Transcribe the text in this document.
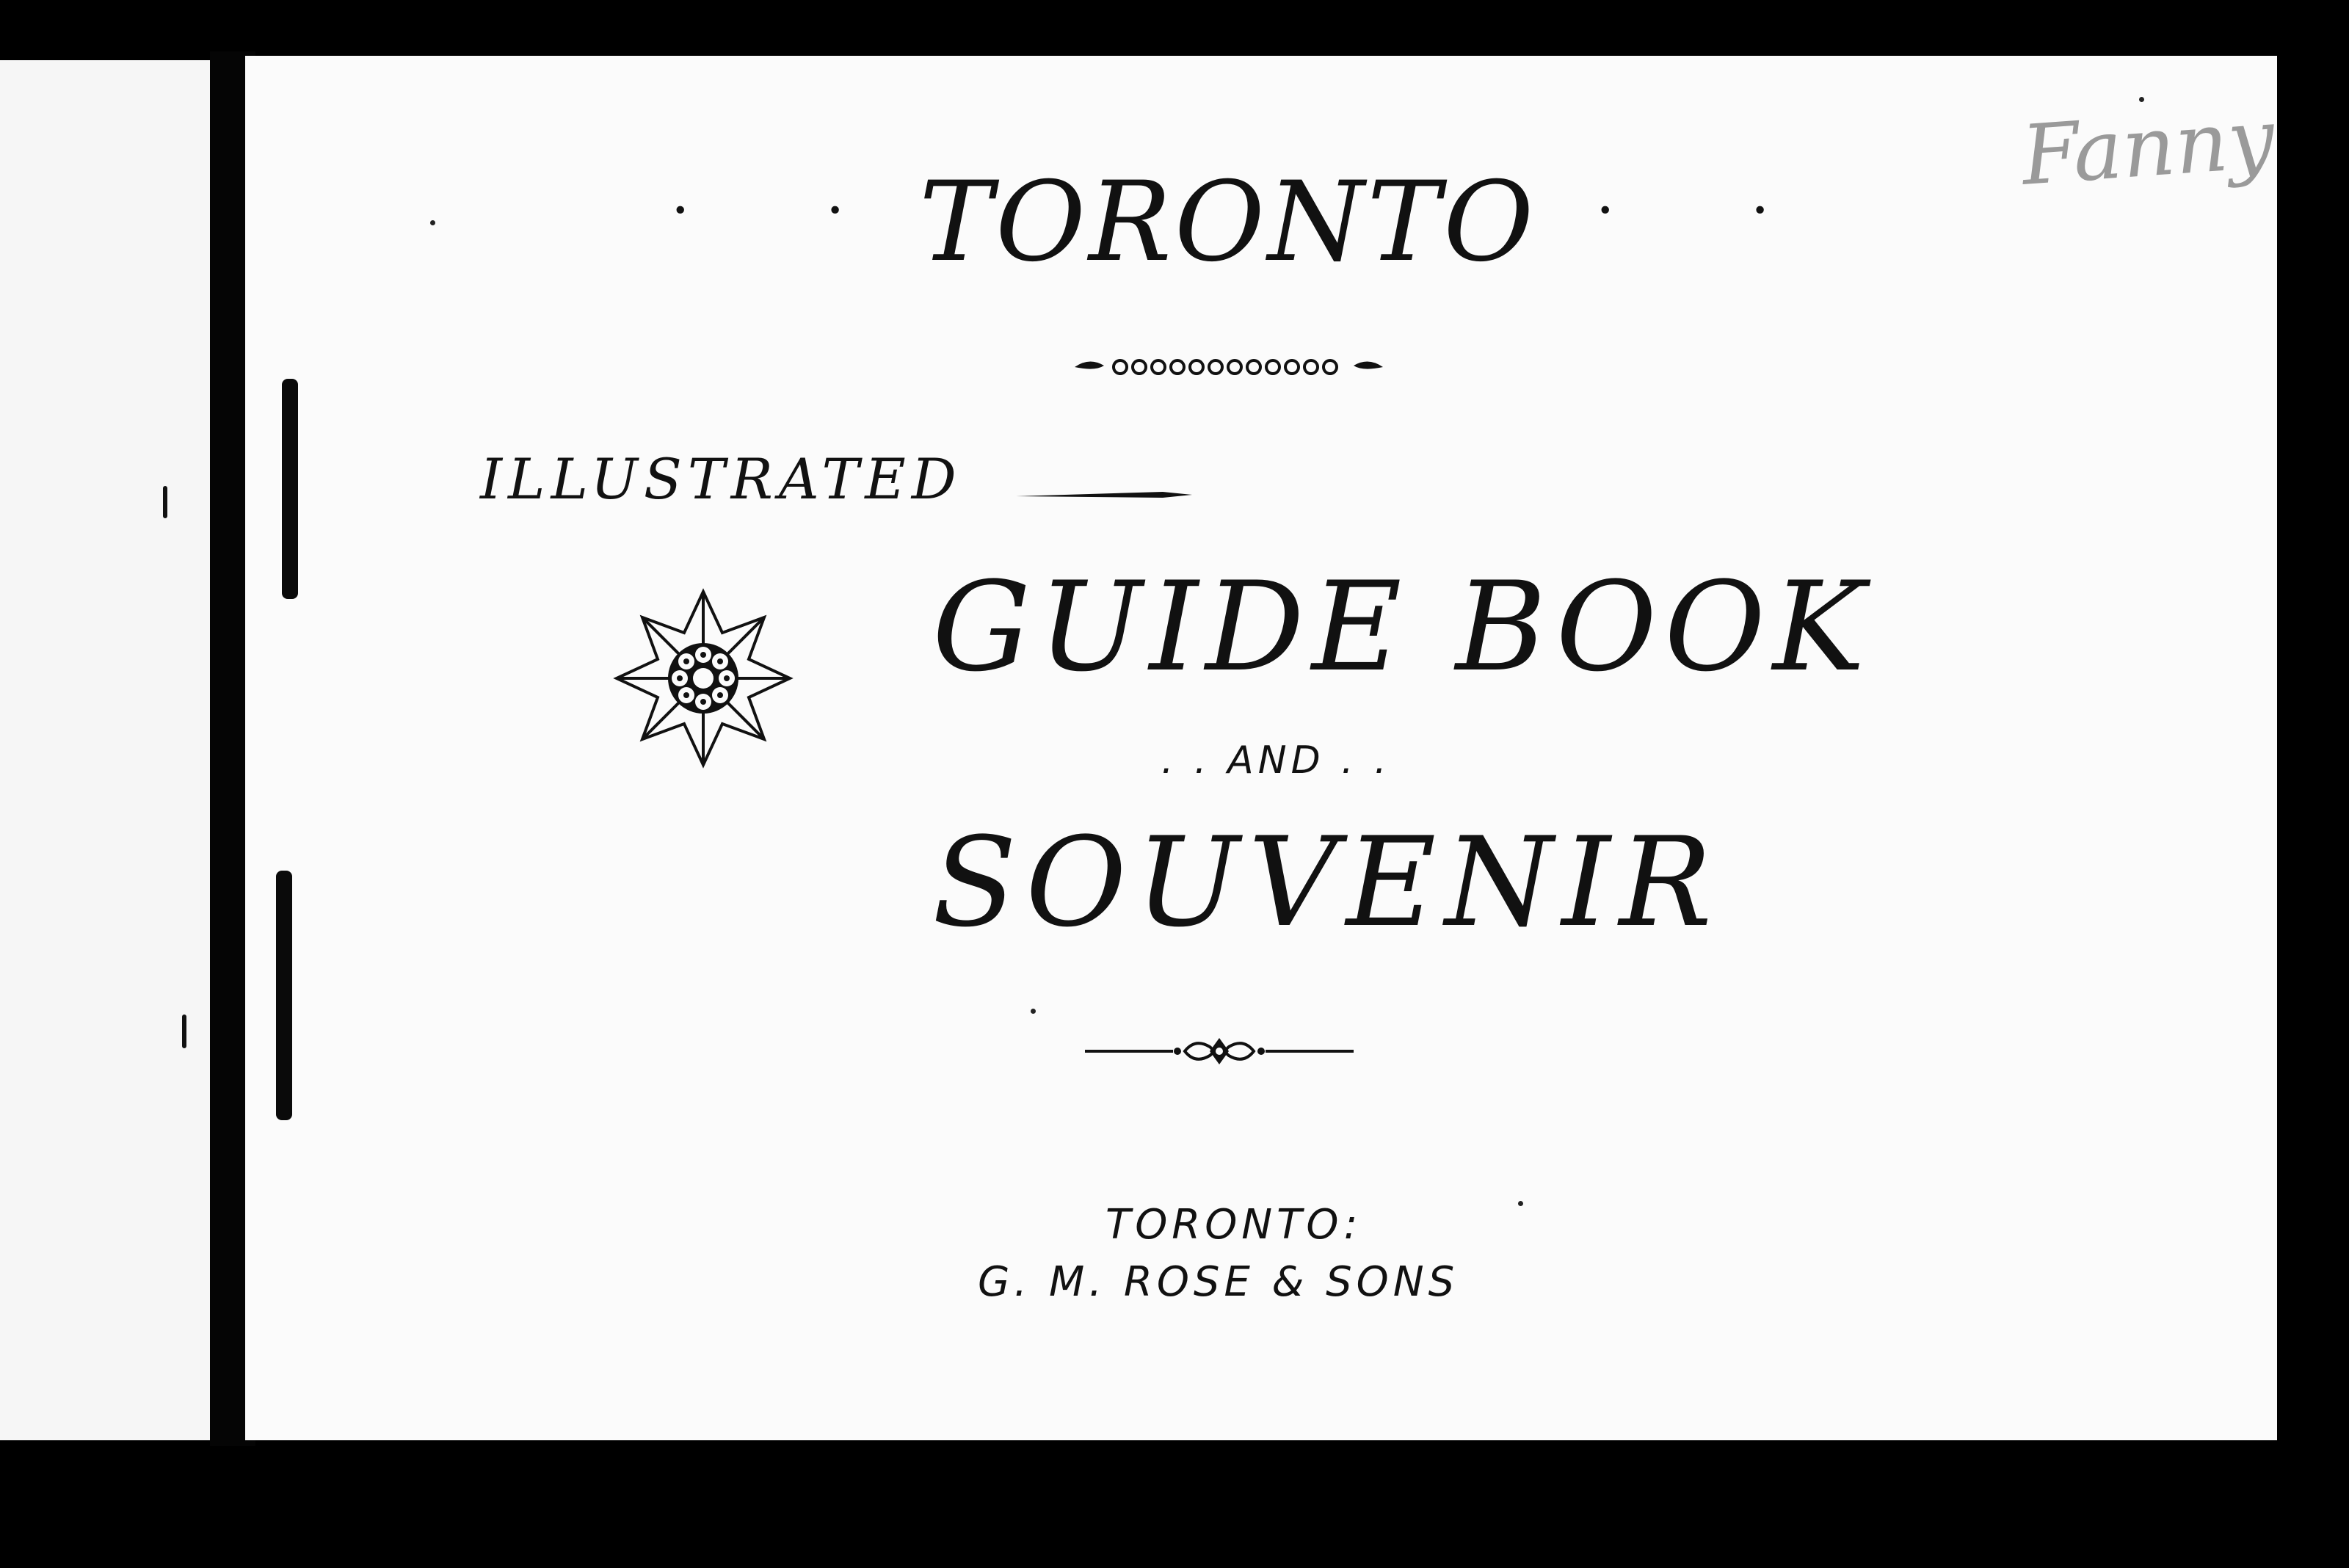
Fanny
. . TORONTO . .
ILLUSTRATED
GUIDE BOOK
. . AND . .
SOUVENIR
TORONTO:
G. M. ROSE & SONS
